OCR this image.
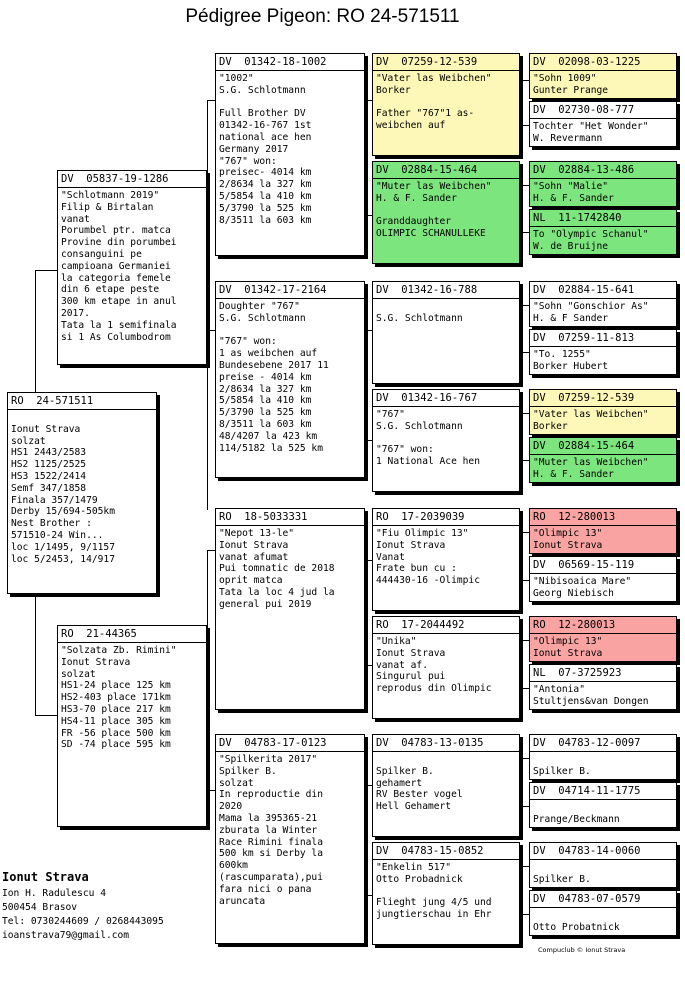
Pédigree Pigeon: RO 24-571511
RO  24-571511

Ionut Strava
solzat
HS1 2443/2583
HS2 1125/2525
HS3 1522/2414
Semf 347/1858
Finala 357/1479
Derby 15/694-505km
Nest Brother :
571510-24 Win...
loc 1/1495, 9/1157
loc 5/2453, 14/917
DV  05837-19-1286
"Schlotmann 2019"
Filip & Birtalan
vanat
Porumbel ptr. matca
Provine din porumbei
consanguini pe
campioana Germaniei
la categoria femele
din 6 etape peste
300 km etape in anul
2017.
Tata la 1 semifinala
si 1 As Columbodrom
RO  21-44365
"Solzata Zb. Rimini"
Ionut Strava
solzat
HS1-24 place 125 km
HS2-403 place 171km
HS3-70 place 217 km
HS4-11 place 305 km
FR -56 place 500 km
SD -74 place 595 km
DV  01342-18-1002
"1002"
S.G. Schlotmann

Full Brother DV
01342-16-767 1st
national ace hen
Germany 2017
"767" won:
preisec- 4014 km
2/8634 la 327 km
5/5854 la 410 km
5/3790 la 525 km
8/3511 la 603 km
DV  01342-17-2164
Doughter "767"
S.G. Schlotmann

"767" won:
1 as weibchen auf
Bundesebene 2017 11
preise - 4014 km
2/8634 la 327 km
5/5854 la 410 km
5/3790 la 525 km
8/3511 la 603 km
48/4207 la 423 km
114/5182 la 525 km
RO  18-5033331
"Nepot 13-le"
Ionut Strava
vanat afumat
Pui tomnatic de 2018
oprit matca
Tata la loc 4 jud la
general pui 2019
DV  04783-17-0123
"Spilkerita 2017"
Spilker B.
solzat
In reproductie din
2020
Mama la 395365-21
zburata la Winter
Race Rimini finala
500 km si Derby la
600km
(rascumparata),pui
fara nici o pana
aruncata
DV  07259-12-539
"Vater las Weibchen"
Borker

Father "767"1 as-
weibchen auf
DV  02884-15-464
"Muter las Weibchen"
H. & F. Sander

Granddaughter
OLIMPIC SCHANULLEKE
DV  01342-16-788

S.G. Schlotmann
DV  01342-16-767
"767"
S.G. Schlotmann

"767" won:
1 National Ace hen
RO  17-2039039
"Fiu Olimpic 13"
Ionut Strava
Vanat
Frate bun cu :
444430-16 -Olimpic
RO  17-2044492
"Unika"
Ionut Strava
vanat af.
Singurul pui
reprodus din Olimpic
DV  04783-13-0135

Spilker B.
gehamert
RV Bester vogel
Hell Gehamert
DV  04783-15-0852
"Enkelin 517"
Otto Probadnick

Flieght jung 4/5 und
jungtierschau in Ehr
DV  02098-03-1225
"Sohn 1009"
Gunter Prange
DV  02730-08-777
Tochter "Het Wonder"
W. Revermann
DV  02884-13-486
"Sohn "Malie"
H. & F. Sander
NL  11-1742840
To "Olympic Schanul"
W. de Bruijne
DV  02884-15-641
"Sohn "Gonschior As"
H. & F Sander
DV  07259-11-813
"To. 1255"
Borker Hubert
DV  07259-12-539
"Vater las Weibchen"
Borker
DV  02884-15-464
"Muter las Weibchen"
H. & F. Sander
RO  12-280013
"Olimpic 13"
Ionut Strava
DV  06569-15-119
"Nibisoaica Mare"
Georg Niebisch
RO  12-280013
"Olimpic 13"
Ionut Strava
NL  07-3725923
"Antonia"
Stultjens&van Dongen
DV  04783-12-0097

Spilker B.
DV  04714-11-1775

Prange/Beckmann
DV  04783-14-0060

Spilker B.
DV  04783-07-0579

Otto Probatnick
Ionut Strava
Ion H. Radulescu 4
500454 Brasov
Tel: 0730244609 / 0268443095
ioanstrava79@gmail.com
Compuclub © Ionut Strava
